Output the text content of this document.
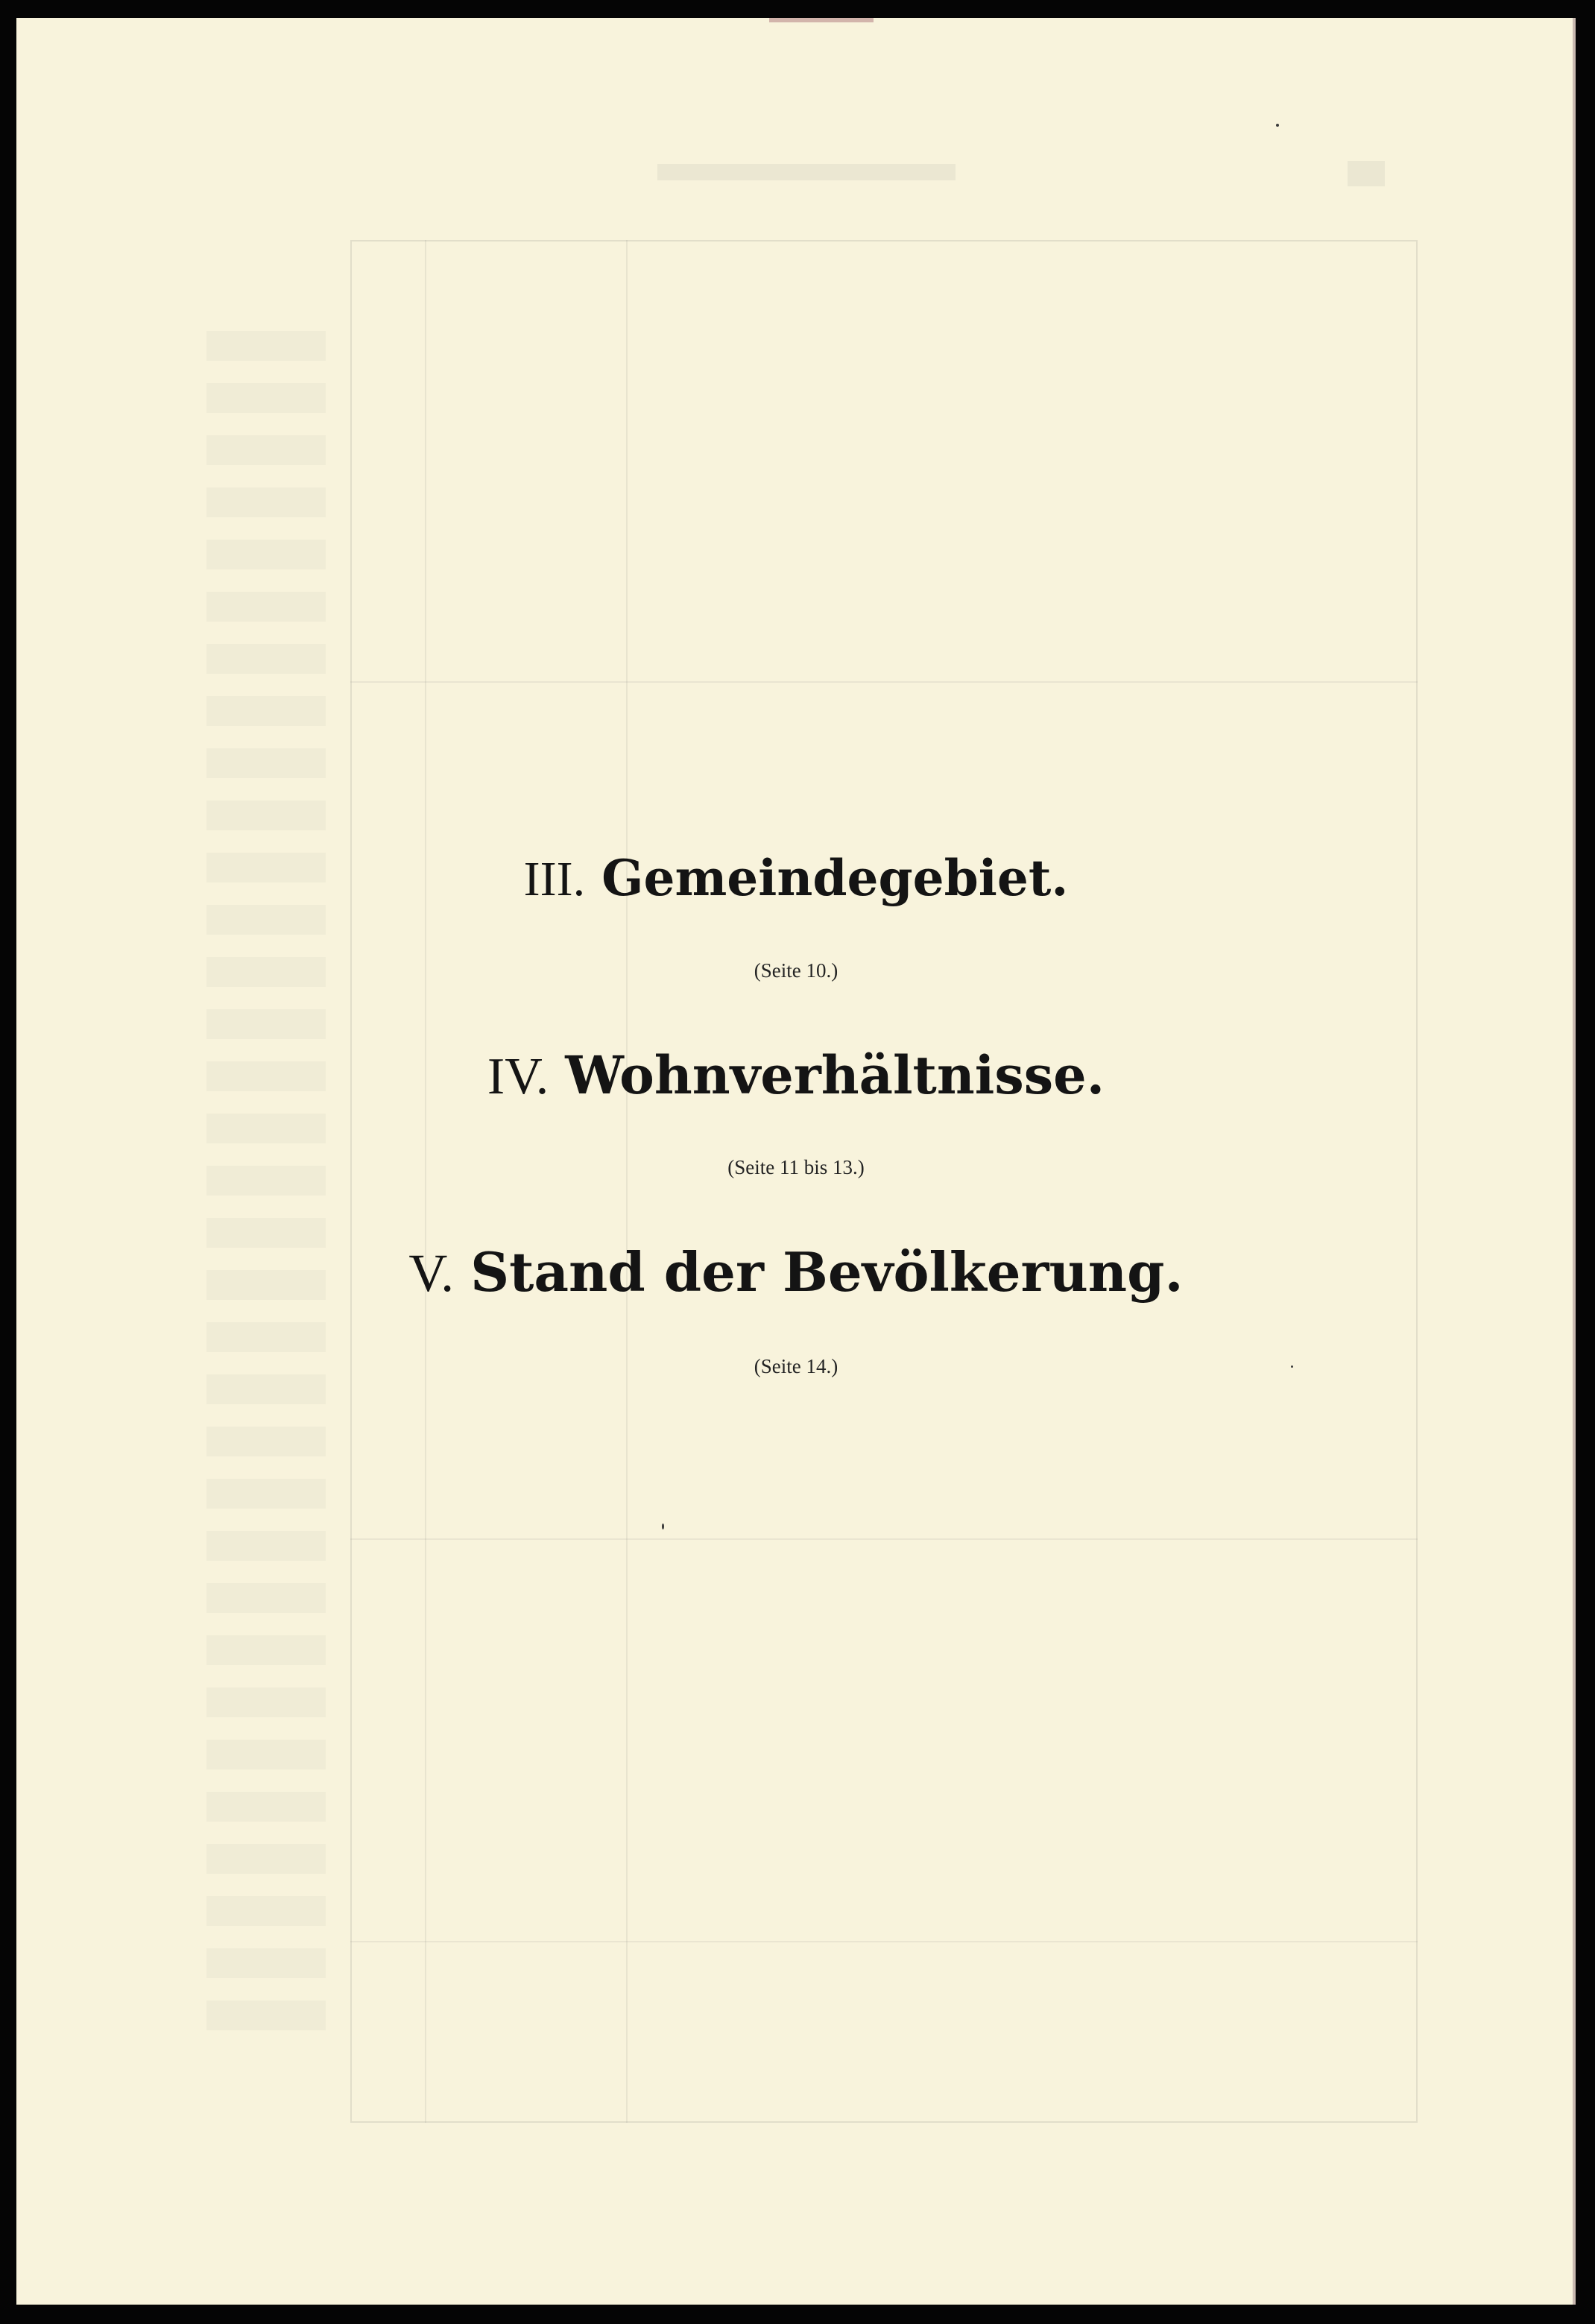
III. Gemeindegebiet.

(Seite 10.)

IV. Wohnverhältnisse.

(Seite 11 bis 13.)

V. Stand der Bevölkerung.

(Seite 14.)
